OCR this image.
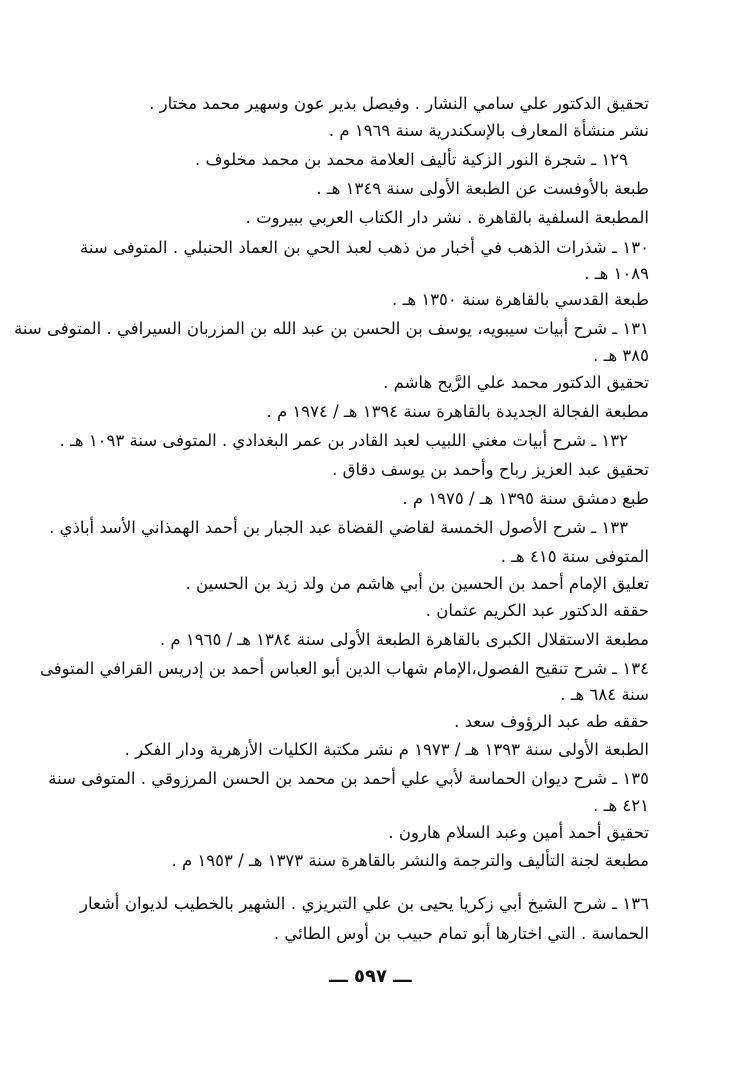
تحقيق الدكتور علي سامي النشار . وفيصل بدير عون وسهير محمد مختار .
نشر منشأة المعارف بالإسكندرية سنة ١٩٦٩ م .
١٢٩ ـ شجرة النور الزكية تأليف العلامة محمد بن محمد مخلوف .
طبعة بالأوفست عن الطبعة الأولى سنة ١٣٤٩ هـ .
المطبعة السلفية بالقاهرة . نشر دار الكتاب العربي ببيروت .
١٣٠ ـ شذرات الذهب في أخبار من ذهب لعبد الحي بن العماد الحنبلي . المتوفى سنة
١٠٨٩ هـ .
طبعة القدسي بالقاهرة سنة ١٣٥٠ هـ .
١٣١ ـ شرح أبيات سيبويه، يوسف بن الحسن بن عبد الله بن المزربان السيرافي . المتوفى سنة
٣٨٥ هـ .
تحقيق الدكتور محمد علي الرَّيح هاشم .
مطبعة الفجالة الجديدة بالقاهرة سنة ١٣٩٤ هـ / ١٩٧٤ م .
١٣٢ ـ شرح أبيات مغني اللبيب لعبد القادر بن عمر البغدادي . المتوفى سنة ١٠٩٣ هـ .
تحقيق عبد العزيز رباح وأحمد بن يوسف دقاق .
طبع دمشق سنة ١٣٩٥ هـ / ١٩٧٥ م .
١٣٣ ـ شرح الأصول الخمسة لقاضي القضاة عبد الجبار بن أحمد الهمذاني الأسد أباذي .
المتوفى سنة ٤١٥ هـ .
تعليق الإمام أحمد بن الحسين بن أبي هاشم من ولد زيد بن الحسين .
حققه الدكتور عبد الكريم عثمان .
مطبعة الاستقلال الكبرى بالقاهرة الطبعة الأولى سنة ١٣٨٤ هـ / ١٩٦٥ م .
١٣٤ ـ شرح تنقيح الفصول،الإمام شهاب الدين أبو العباس أحمد بن إدريس القرافي المتوفى
سنة ٦٨٤ هـ .
حققه طه عبد الرؤوف سعد .
الطبعة الأولى سنة ١٣٩٣ هـ / ١٩٧٣ م نشر مكتبة الكليات الأزهرية ودار الفكر .
١٣٥ ـ شرح ديوان الحماسة لأبي علي أحمد بن محمد بن الحسن المرزوقي . المتوفى سنة
٤٢١ هـ .
تحقيق أحمد أمين وعبد السلام هارون .
مطبعة لجنة التأليف والترجمة والنشر بالقاهرة سنة ١٣٧٣ هـ / ١٩٥٣ م .
١٣٦ ـ شرح الشيخ أبي زكريا يحيى بن علي التبريزي . الشهير بالخطيب لديوان أشعار
الحماسة . التي اختارها أبو تمام حبيب بن أوس الطائي .
ـــ ٥٩٧ ـــ
